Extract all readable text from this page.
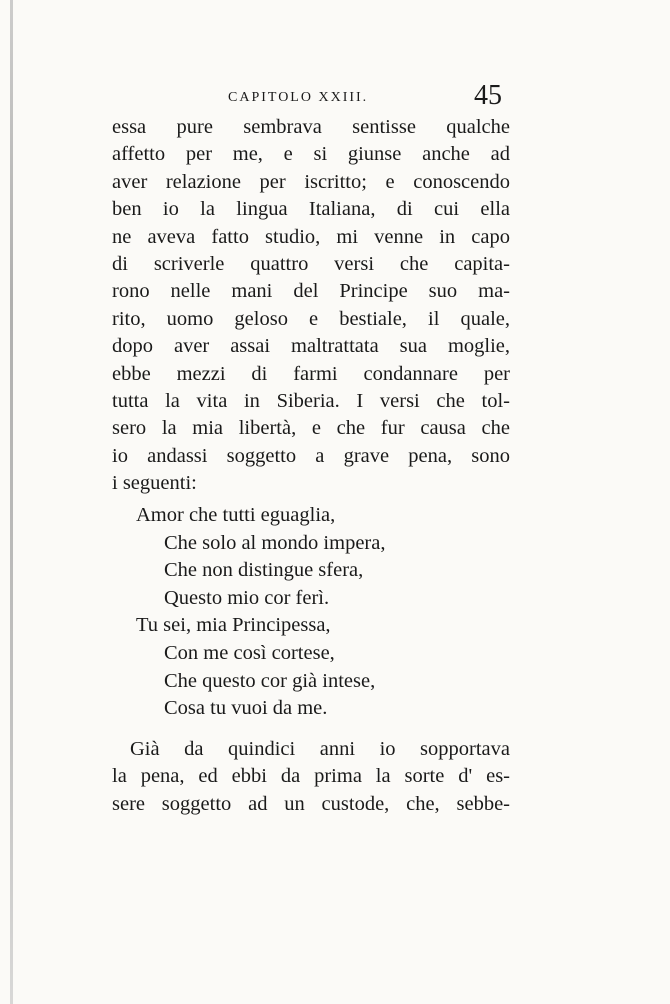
CAPITOLO XXIII.	45
essa pure sembrava sentisse qualche
affetto per me, e si giunse anche ad
aver relazione per iscritto; e conoscendo
ben io la lingua Italiana, di cui ella
ne aveva fatto studio, mi venne in capo
di scriverle quattro versi che capita-
rono nelle mani del Principe suo ma-
rito, uomo geloso e bestiale, il quale,
dopo aver assai maltrattata sua moglie,
ebbe mezzi di farmi condannare per
tutta la vita in Siberia. I versi che tol-
sero la mia libertà, e che fur causa che
io andassi soggetto a grave pena, sono
i seguenti:
Amor che tutti eguaglia,
Che solo al mondo impera,
Che non distingue sfera,
Questo mio cor ferì.
Tu sei, mia Principessa,
Con me così cortese,
Che questo cor già intese,
Cosa tu vuoi da me.
Già da quindici anni io sopportava
la pena, ed ebbi da prima la sorte d' es-
sere soggetto ad un custode, che, sebbe-
